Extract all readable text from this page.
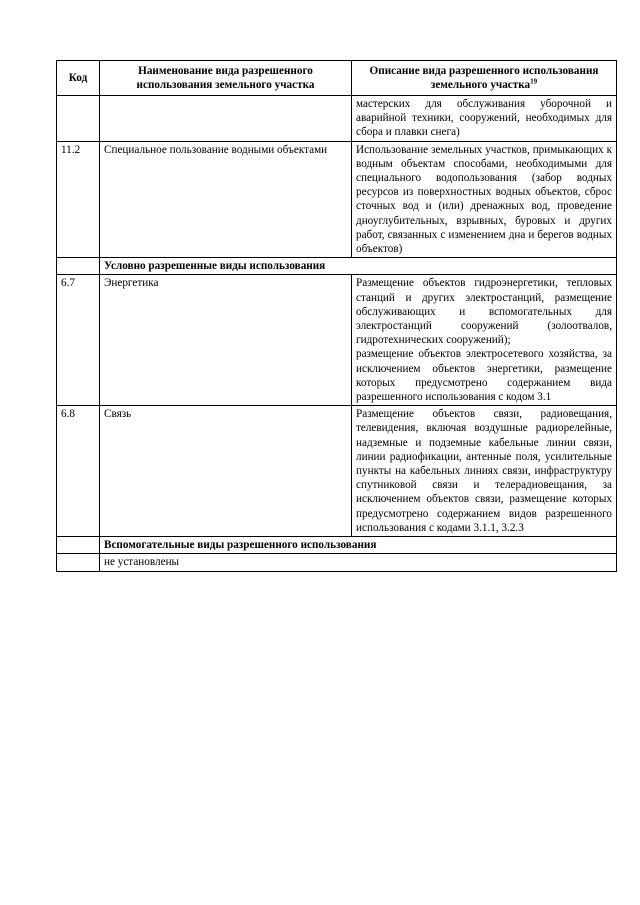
Код	Наименование вида разрешенного использования земельного участка	Описание вида разрешенного использования земельного участка$^{19}$
		мастерских для обслуживания уборочной и аварийной техники, сооружений, необходимых для сбора и плавки снега)
11.2	Специальное пользование водными объектами	Использование земельных участков, примыкающих к водным объектам способами, необходимыми для специального водопользования (забор водных ресурсов из поверхностных водных объектов, сброс сточных вод и (или) дренажных вод, проведение дноуглубительных, взрывных, буровых и других работ, связанных с изменением дна и берегов водных объектов)
	Условно разрешенные виды использования	
6.7	Энергетика	Размещение объектов гидроэнергетики, тепловых станций и других электростанций, размещение обслуживающих и вспомогательных для электростанций сооружений (золоотвалов, гидротехнических сооружений);
размещение объектов электросетевого хозяйства, за исключением объектов энергетики, размещение которых предусмотрено содержанием вида разрешенного использования с кодом 3.1

6.8	Связь	Размещение объектов связи, радиовещания, телевидения, включая воздушные радиорелейные, надземные и подземные кабельные линии связи, линии радиофикации, антенные поля, усилительные пункты на кабельных линиях связи, инфраструктуру спутниковой связи и телерадиовещания, за исключением объектов связи, размещение которых предусмотрено содержанием видов разрешенного использования с кодами 3.1.1, 3.2.3
	Вспомогательные виды разрешенного использования	
	не установлены	
